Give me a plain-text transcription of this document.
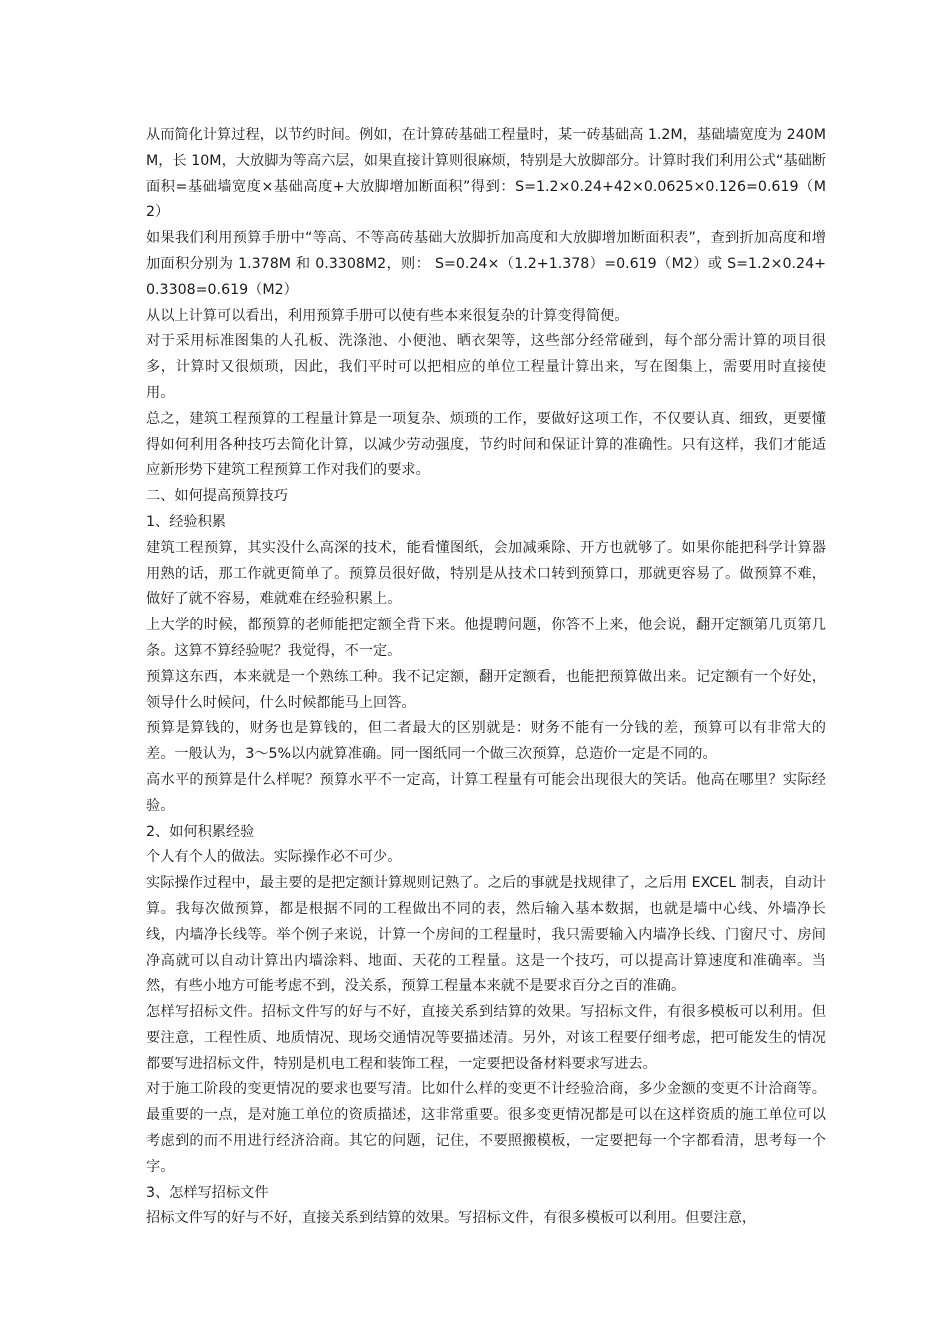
从而简化计算过程，以节约时间。例如，在计算砖基础工程量时，某一砖基础高 1.2M，基础墙宽度为 240MM，长 10M，大放脚为等高六层，如果直接计算则很麻烦，特别是大放脚部分。计算时我们利用公式“基础断面积=基础墙宽度×基础高度+大放脚增加断面积”得到：S=1.2×0.24+42×0.0625×0.126=0.619（M2）

如果我们利用预算手册中“等高、不等高砖基础大放脚折加高度和大放脚增加断面积表”，查到折加高度和增加面积分别为 1.378M 和 0.3308M2，则： S=0.24×（1.2+1.378）=0.619（M2）或 S=1.2×0.24+0.3308=0.619（M2）

从以上计算可以看出，利用预算手册可以使有些本来很复杂的计算变得简便。

对于采用标准图集的人孔板、洗涤池、小便池、晒衣架等，这些部分经常碰到，每个部分需计算的项目很多，计算时又很烦琐，因此，我们平时可以把相应的单位工程量计算出来，写在图集上，需要用时直接使用。

总之，建筑工程预算的工程量计算是一项复杂、烦琐的工作，要做好这项工作，不仅要认真、细致，更要懂得如何利用各种技巧去简化计算，以减少劳动强度，节约时间和保证计算的准确性。只有这样，我们才能适应新形势下建筑工程预算工作对我们的要求。

二、如何提高预算技巧

1、经验积累

建筑工程预算，其实没什么高深的技术，能看懂图纸，会加减乘除、开方也就够了。如果你能把科学计算器用熟的话，那工作就更简单了。预算员很好做，特别是从技术口转到预算口，那就更容易了。做预算不难，做好了就不容易，难就难在经验积累上。

上大学的时候，都预算的老师能把定额全背下来。他提聘问题，你答不上来，他会说，翻开定额第几页第几条。这算不算经验呢？我觉得，不一定。

预算这东西，本来就是一个熟练工种。我不记定额，翻开定额看，也能把预算做出来。记定额有一个好处，领导什么时候问，什么时候都能马上回答。

预算是算钱的，财务也是算钱的，但二者最大的区别就是：财务不能有一分钱的差，预算可以有非常大的差。一般认为，3～5%以内就算准确。同一图纸同一个做三次预算，总造价一定是不同的。

高水平的预算是什么样呢？预算水平不一定高，计算工程量有可能会出现很大的笑话。他高在哪里？实际经验。

2、如何积累经验

个人有个人的做法。实际操作必不可少。

实际操作过程中，最主要的是把定额计算规则记熟了。之后的事就是找规律了，之后用 EXCEL 制表，自动计算。我每次做预算，都是根据不同的工程做出不同的表，然后输入基本数据，也就是墙中心线、外墙净长线，内墙净长线等。举个例子来说，计算一个房间的工程量时，我只需要输入内墙净长线、门窗尺寸、房间净高就可以自动计算出内墙涂料、地面、天花的工程量。这是一个技巧，可以提高计算速度和准确率。当然，有些小地方可能考虑不到，没关系，预算工程量本来就不是要求百分之百的准确。

怎样写招标文件。招标文件写的好与不好，直接关系到结算的效果。写招标文件，有很多模板可以利用。但要注意，工程性质、地质情况、现场交通情况等要描述清。另外，对该工程要仔细考虑，把可能发生的情况都要写进招标文件，特别是机电工程和装饰工程，一定要把设备材料要求写进去。

对于施工阶段的变更情况的要求也要写清。比如什么样的变更不计经验洽商，多少金额的变更不计洽商等。最重要的一点，是对施工单位的资质描述，这非常重要。很多变更情况都是可以在这样资质的施工单位可以考虑到的而不用进行经济洽商。其它的问题，记住，不要照搬模板，一定要把每一个字都看清，思考每一个字。

3、怎样写招标文件

招标文件写的好与不好，直接关系到结算的效果。写招标文件，有很多模板可以利用。但要注意，
